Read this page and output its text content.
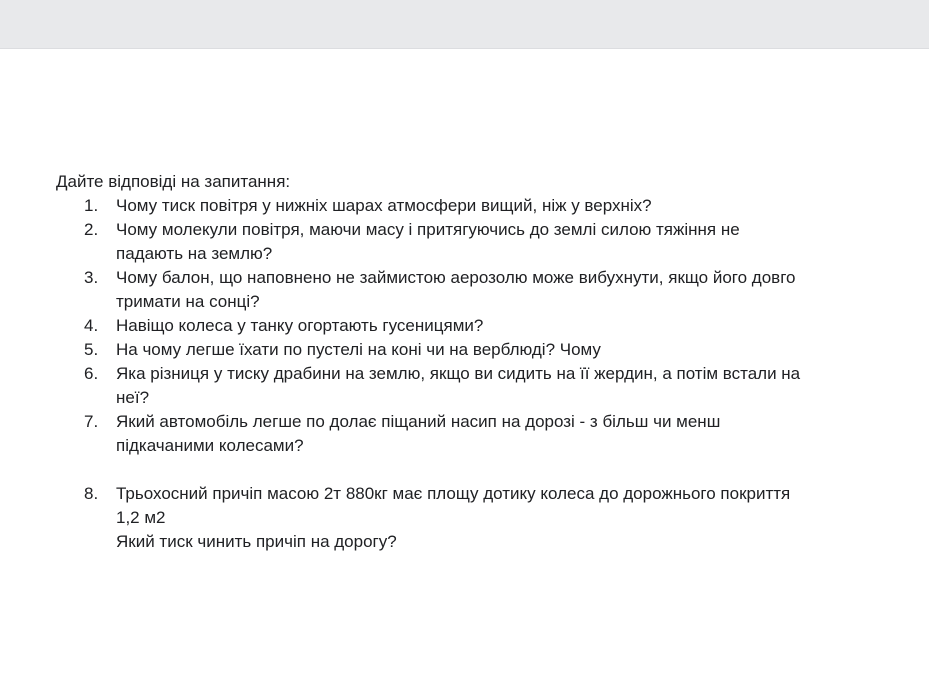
Дайте відповіді на запитання:

1.	Чому тиск повітря у нижніх шарах атмосфери вищий, ніж у верхніх?
2.	Чому молекули повітря, маючи масу і притягуючись до землі силою тяжіння не падають на землю?
3.	Чому балон, що наповнено не займистою аерозолю може вибухнути, якщо його довго тримати на сонці?
4.	Навіщо колеса у танку огортають гусеницями?
5.	На чому легше їхати по пустелі на коні чи на верблюді? Чому
6.	Яка різниця у тиску драбини на землю, якщо ви сидить на її жердин, а потім встали на неї?
7.	Який автомобіль легше по долає піщаний насип на дорозі - з більш чи менш підкачаними колесами?
8.	Трьохосний причіп масою 2т 880кг має площу дотику колеса до дорожнього покриття 1,2 м2
Який тиск чинить причіп на дорогу?
